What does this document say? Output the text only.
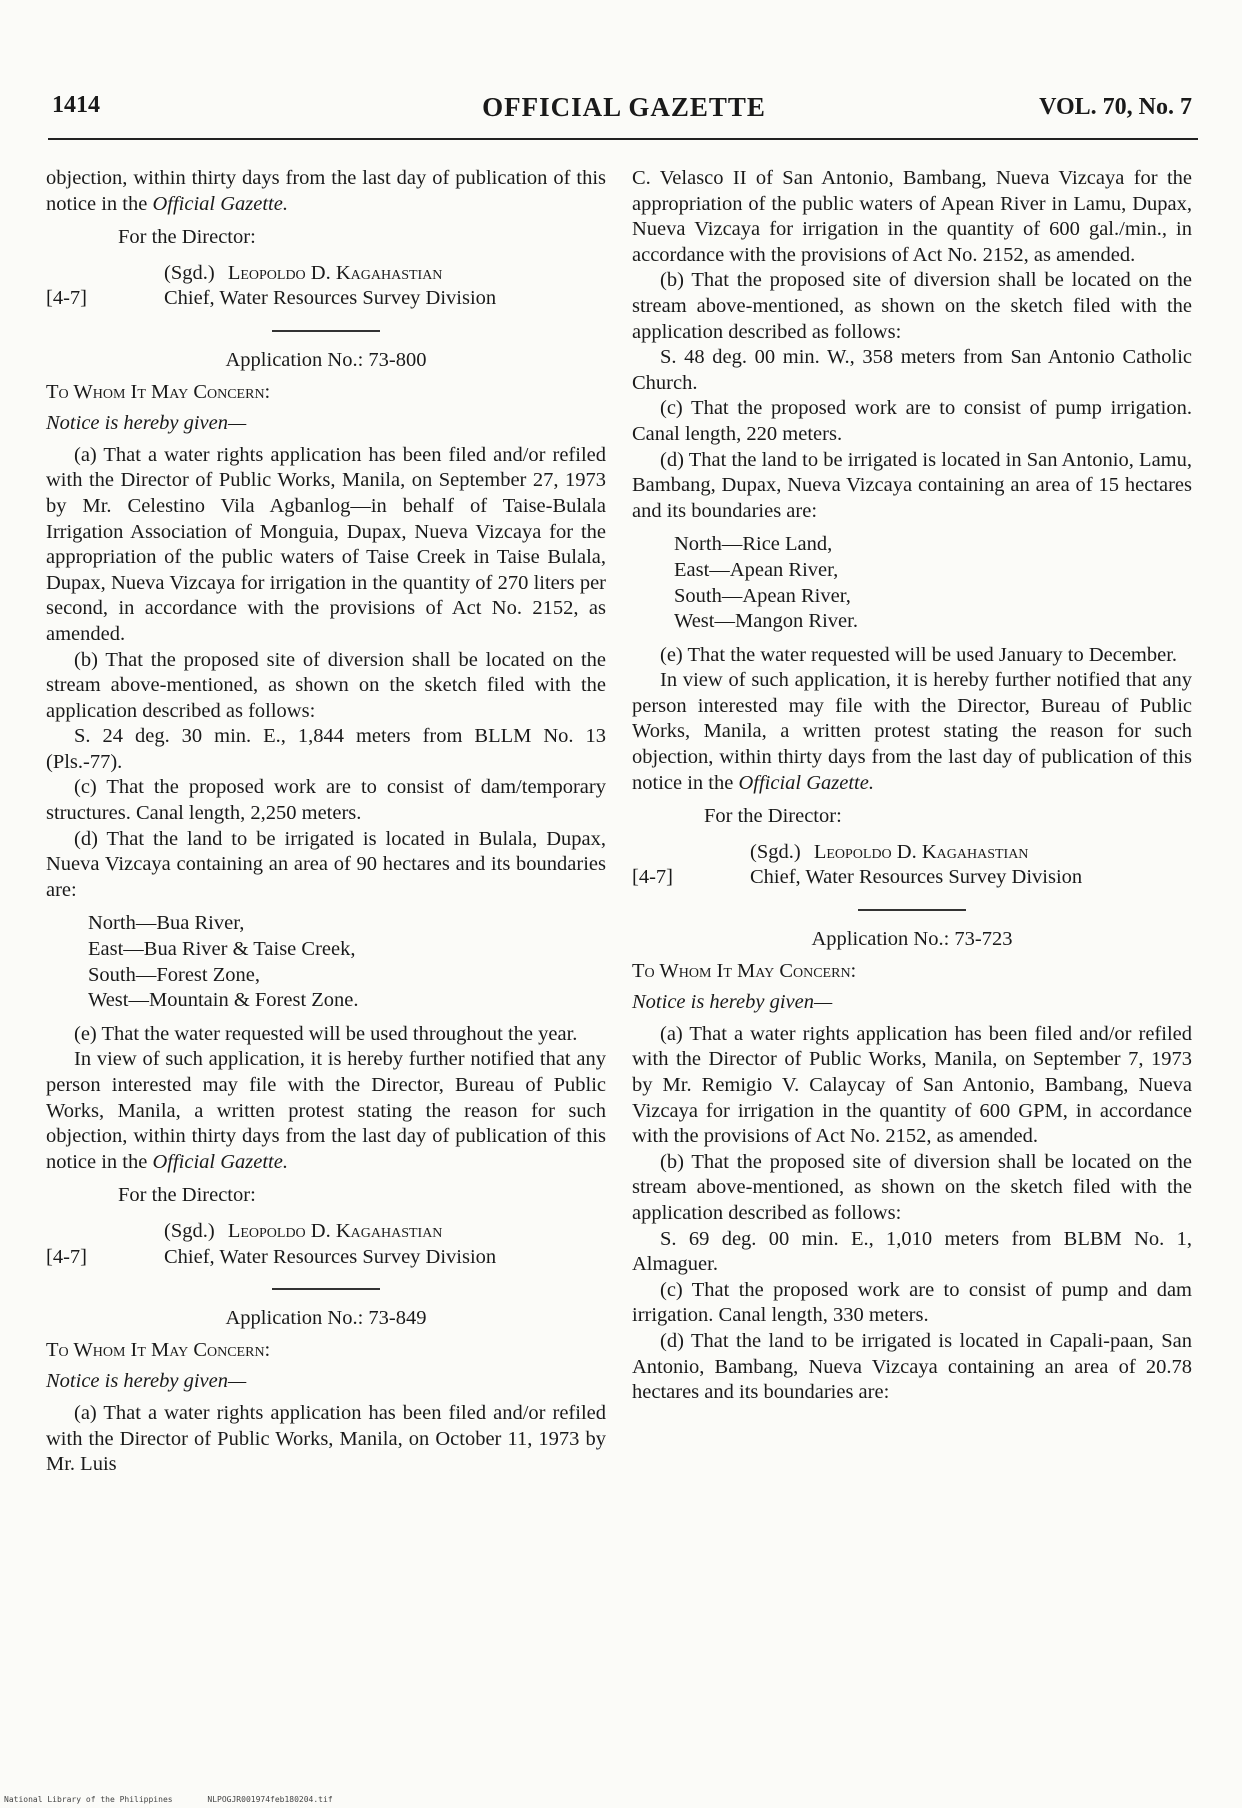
1414	OFFICIAL GAZETTE	VOL. 70, No. 7

objection, within thirty days from the last day of publication of this notice in the Official Gazette.

For the Director:

(Sgd.) Leopoldo D. Kagahastian
[4-7]	Chief, Water Resources Survey Division

Application No.: 73-800

To Whom It May Concern:

Notice is hereby given—

(a) That a water rights application has been filed and/or refiled with the Director of Public Works, Manila, on September 27, 1973 by Mr. Celestino Vila Agbanlog—in behalf of Taise-Bulala Irrigation Association of Monguia, Dupax, Nueva Vizcaya for the appropriation of the public waters of Taise Creek in Taise Bulala, Dupax, Nueva Vizcaya for irrigation in the quantity of 270 liters per second, in accordance with the provisions of Act No. 2152, as amended.

(b) That the proposed site of diversion shall be located on the stream above-mentioned, as shown on the sketch filed with the application described as follows:

S. 24 deg. 30 min. E., 1,844 meters from BLLM No. 13 (Pls.-77).

(c) That the proposed work are to consist of dam/temporary structures. Canal length, 2,250 meters.

(d) That the land to be irrigated is located in Bulala, Dupax, Nueva Vizcaya containing an area of 90 hectares and its boundaries are:

North—Bua River,
East—Bua River & Taise Creek,
South—Forest Zone,
West—Mountain & Forest Zone.

(e) That the water requested will be used throughout the year.

In view of such application, it is hereby further notified that any person interested may file with the Director, Bureau of Public Works, Manila, a written protest stating the reason for such objection, within thirty days from the last day of publication of this notice in the Official Gazette.

For the Director:

(Sgd.) Leopoldo D. Kagahastian
[4-7]	Chief, Water Resources Survey Division

Application No.: 73-849

To Whom It May Concern:

Notice is hereby given—

(a) That a water rights application has been filed and/or refiled with the Director of Public Works, Manila, on October 11, 1973 by Mr. Luis

C. Velasco II of San Antonio, Bambang, Nueva Vizcaya for the appropriation of the public waters of Apean River in Lamu, Dupax, Nueva Vizcaya for irrigation in the quantity of 600 gal./min., in accordance with the provisions of Act No. 2152, as amended.

(b) That the proposed site of diversion shall be located on the stream above-mentioned, as shown on the sketch filed with the application described as follows:

S. 48 deg. 00 min. W., 358 meters from San Antonio Catholic Church.

(c) That the proposed work are to consist of pump irrigation. Canal length, 220 meters.

(d) That the land to be irrigated is located in San Antonio, Lamu, Bambang, Dupax, Nueva Vizcaya containing an area of 15 hectares and its boundaries are:

North—Rice Land,
East—Apean River,
South—Apean River,
West—Mangon River.

(e) That the water requested will be used January to December.

In view of such application, it is hereby further notified that any person interested may file with the Director, Bureau of Public Works, Manila, a written protest stating the reason for such objection, within thirty days from the last day of publication of this notice in the Official Gazette.

For the Director:

(Sgd.) Leopoldo D. Kagahastian
[4-7]	Chief, Water Resources Survey Division

Application No.: 73-723

To Whom It May Concern:

Notice is hereby given—

(a) That a water rights application has been filed and/or refiled with the Director of Public Works, Manila, on September 7, 1973 by Mr. Remigio V. Calaycay of San Antonio, Bambang, Nueva Vizcaya for irrigation in the quantity of 600 GPM, in accordance with the provisions of Act No. 2152, as amended.

(b) That the proposed site of diversion shall be located on the stream above-mentioned, as shown on the sketch filed with the application described as follows:

S. 69 deg. 00 min. E., 1,010 meters from BLBM No. 1, Almaguer.

(c) That the proposed work are to consist of pump and dam irrigation. Canal length, 330 meters.

(d) That the land to be irrigated is located in Capali-paan, San Antonio, Bambang, Nueva Vizcaya containing an area of 20.78 hectares and its boundaries are:

National Library of the Philippines	NLPOGJR001974feb180204.tif
